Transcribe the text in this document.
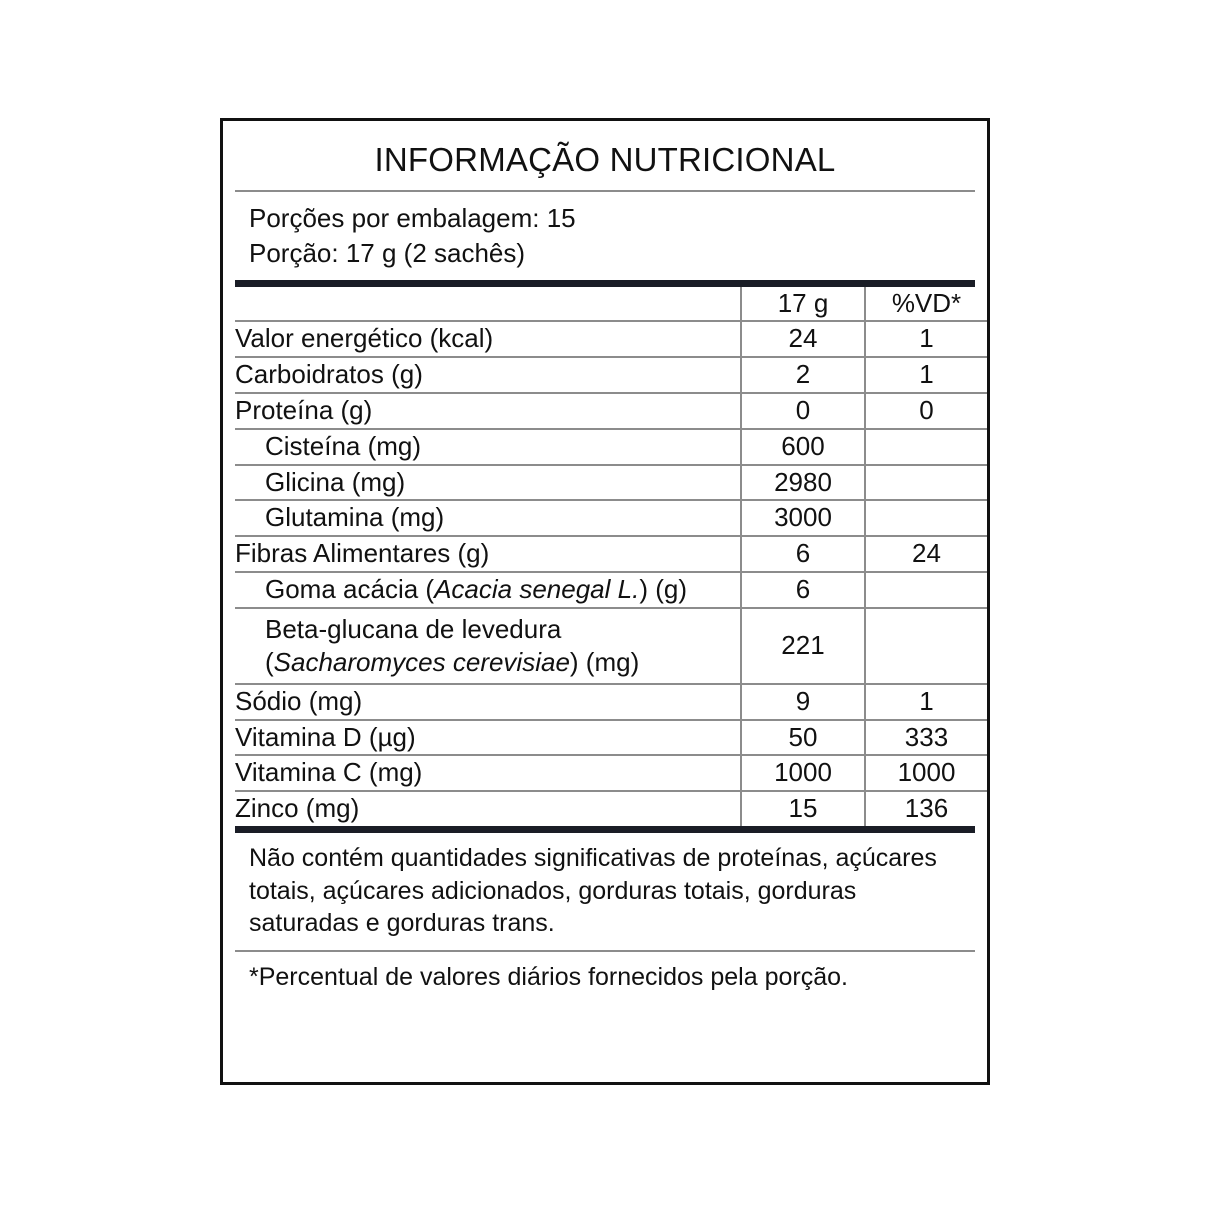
INFORMAÇÃO NUTRICIONAL
Porções por embalagem: 15
Porção: 17 g (2 sachês)
	17 g	%VD*
Valor energético (kcal)	24	1
Carboidratos (g)	2	1
Proteína (g)	0	0
Cisteína (mg)	600	
Glicina (mg)	2980	
Glutamina (mg)	3000	
Fibras Alimentares (g)	6	24
Goma acácia (Acacia senegal L.) (g)	6	
Beta-glucana de levedura
(Sacharomyces cerevisiae) (mg)	221	
Sódio (mg)	9	1
Vitamina D (µg)	50	333
Vitamina C (mg)	1000	1000
Zinco (mg)	15	136
Não contém quantidades significativas de proteínas, açúcares totais, açúcares adicionados, gorduras totais, gorduras saturadas e gorduras trans.
*Percentual de valores diários fornecidos pela porção.
